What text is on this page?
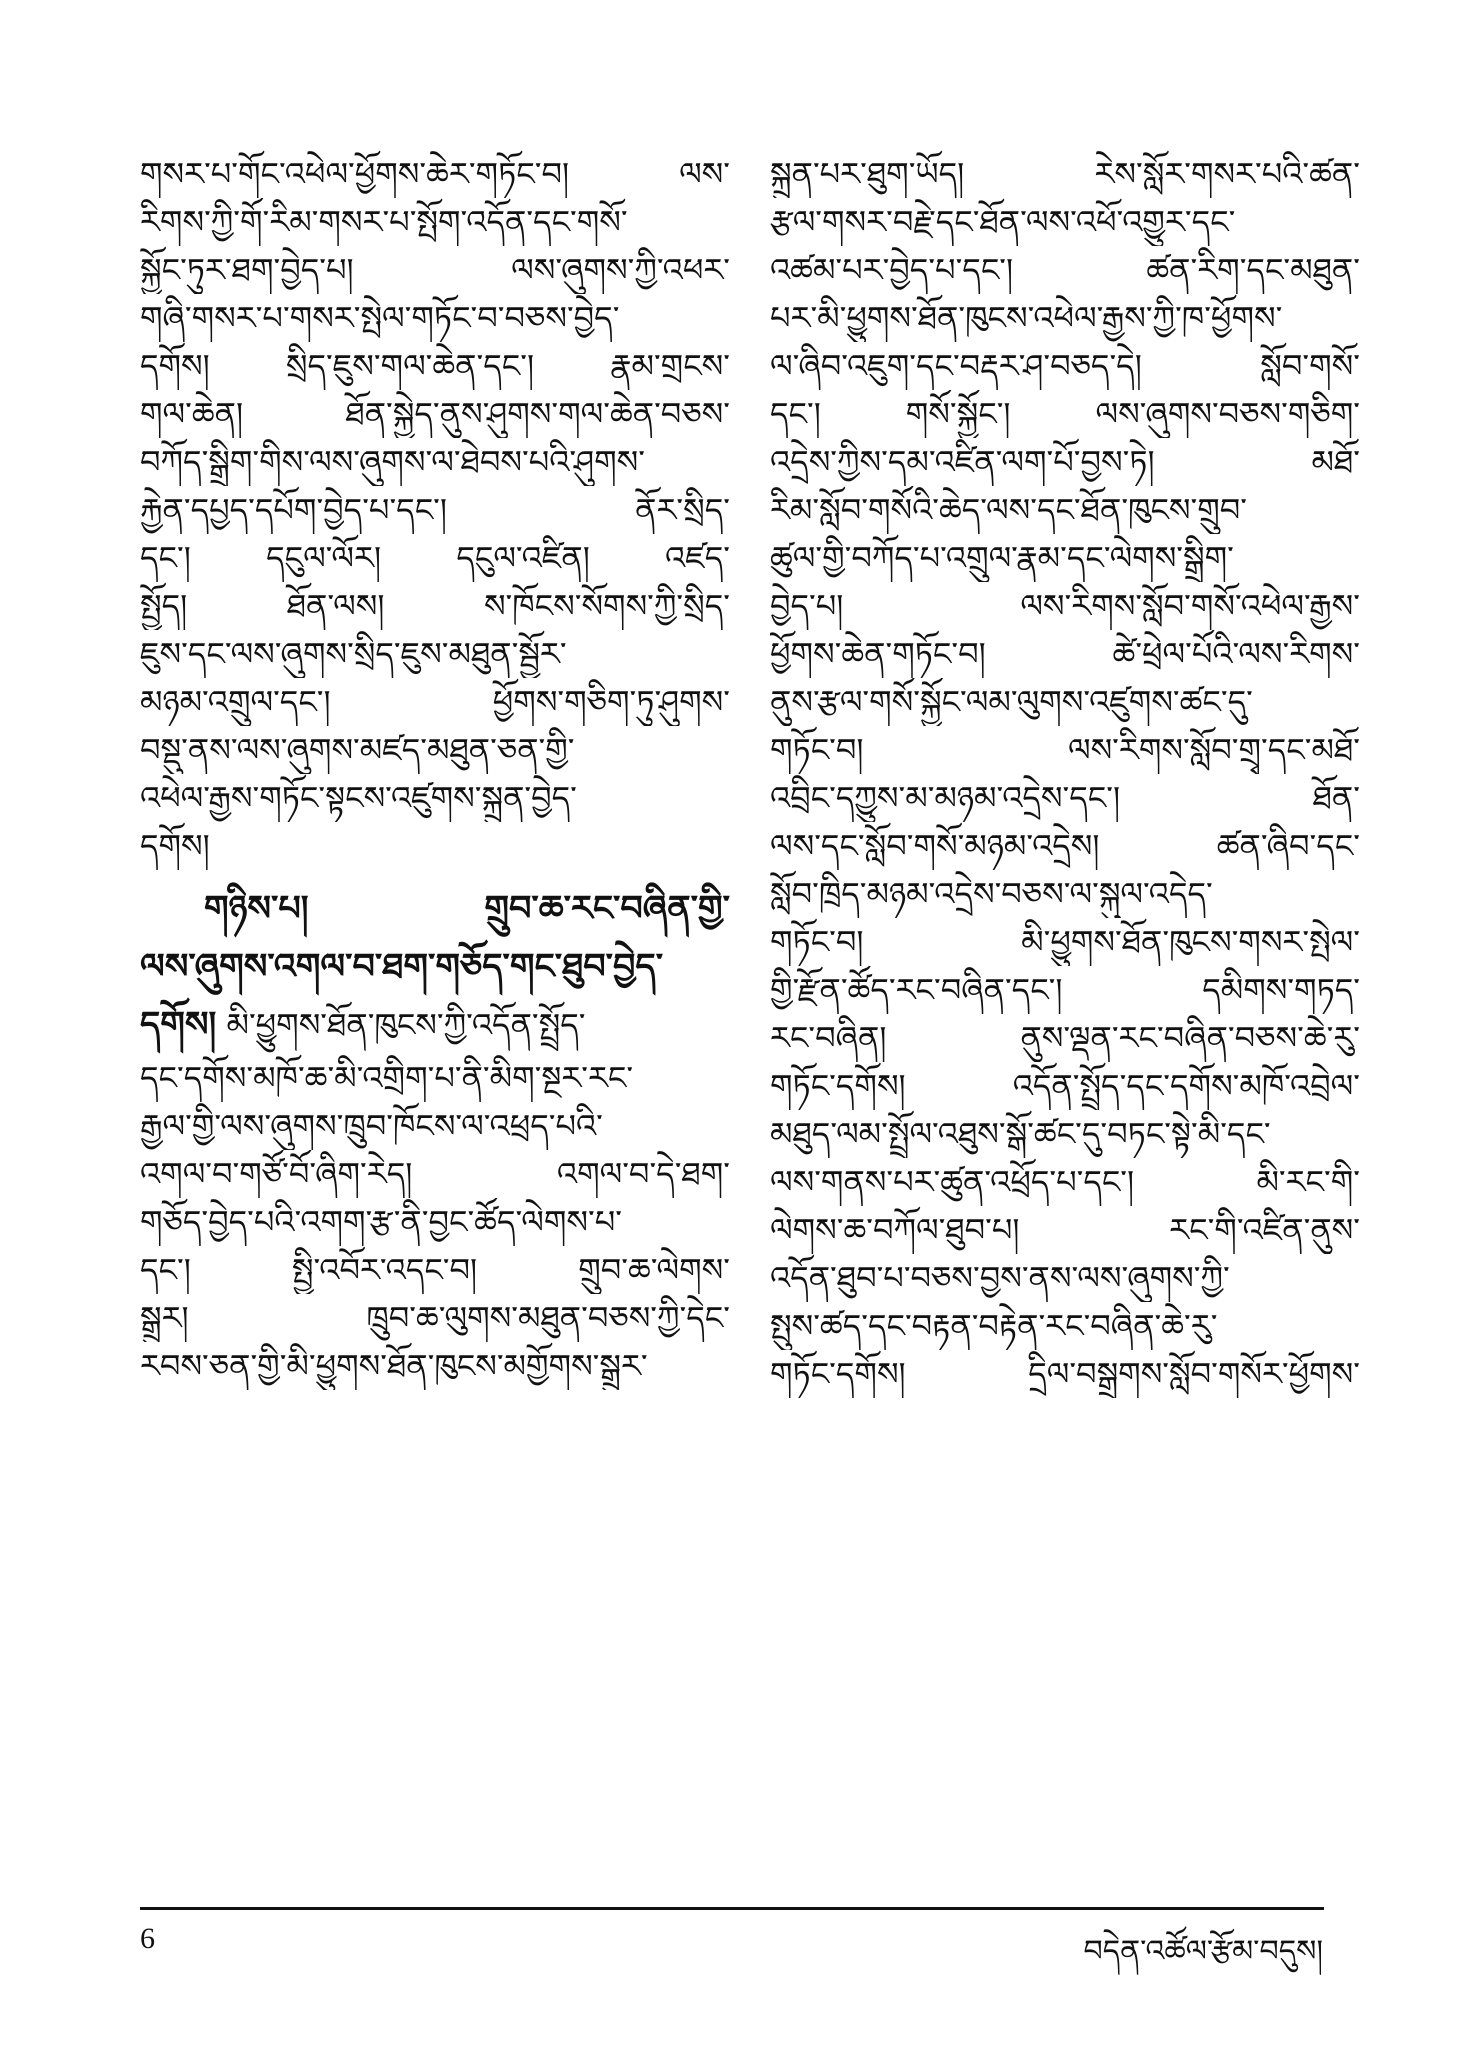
གསར་པ་གོང་འཕེལ་ཕྱོགས་ཆེར་གཏོང་བ། ལས་
རིགས་ཀྱི་གོ་རིམ་གསར་པ་སྤོག་འདོན་དང་གསོ་
སྐྱོང་ཏུར་ཐག་བྱེད་པ། ལས་ཞུགས་ཀྱི་འཕར་
གཞི་གསར་པ་གསར་སྤེལ་གཏོང་བ་བཅས་བྱེད་
དགོས། སྲིད་ཇུས་གལ་ཆེན་དང་། རྣམ་གྲངས་
གལ་ཆེན། ཐོན་སྐྱེད་ནུས་ཤུགས་གལ་ཆེན་བཅས་
བཀོད་སྒྲིག་གིས་ལས་ཞུགས་ལ་ཐེབས་པའི་ཤུགས་
རྐྱེན་དཔྱད་དཔོག་བྱེད་པ་དང་། ནོར་སྲིད་
དང་། དངུལ་ལོར། དངུལ་འཛིན། འཛད་
སྤྱོད། ཐོན་ལས། ས་ཁོངས་སོགས་ཀྱི་སྲིད་
ཇུས་དང་ལས་ཞུགས་སྲིད་ཇུས་མཐུན་སྦྱོར་
མཉམ་འགྲུལ་དང་། ཕྱོགས་གཅིག་ཏུ་ཤུགས་
བསྡུ་ནས་ལས་ཞུགས་མཛད་མཐུན་ཅན་གྱི་
འཕེལ་རྒྱས་གཏོང་སྟངས་འཛུགས་སྐྲུན་བྱེད་
དགོས།
གཉིས་པ། གྲུབ་ཆ་རང་བཞིན་གྱི་
ལས་ཞུགས་འགལ་བ་ཐག་གཅོད་གང་ཐུབ་བྱེད་
དགོས། མི་ཕྱུགས་ཐོན་ཁུངས་ཀྱི་འདོན་སྤྲོད་
དང་དགོས་མཁོ་ཆ་མི་འགྲིག་པ་ནི་མིག་སྔར་རང་
རྒྱལ་གྱི་ལས་ཞུགས་ཁྲུབ་ཁོངས་ལ་འཕྲད་པའི་
འགལ་བ་གཙོ་བོ་ཞིག་རེད། འགལ་བ་དེ་ཐག་
གཅོད་བྱེད་པའི་འགག་རྩ་ནི་བྱང་ཚོད་ལེགས་པ་
དང་། སྤྱི་འབོར་འདང་བ། གྲུབ་ཆ་ལེགས་
སྒྲུར། ཁྲུབ་ཆ་ལུགས་མཐུན་བཅས་ཀྱི་དེང་
རབས་ཅན་གྱི་མི་ཕྱུགས་ཐོན་ཁུངས་མགྱོགས་སྒྲུར་
སྐྲུན་པར་ཐུག་ཡོད། རེས་སློར་གསར་པའི་ཚན་
རྩལ་གསར་བརྗེ་དང་ཐོན་ལས་འཕོ་འགྱུར་དང་
འཚམ་པར་བྱེད་པ་དང་། ཚན་རིག་དང་མཐུན་
པར་མི་ཕྱུགས་ཐོན་ཁུངས་འཕེལ་རྒྱས་ཀྱི་ཁ་ཕྱོགས་
ལ་ཞིབ་འཇུག་དང་བརྡར་ཤ་བཅད་དེ། སློབ་གསོ་
དང་། གསོ་སྐྱོང་། ལས་ཞུགས་བཅས་གཅིག་
འདྲེས་ཀྱིས་དམ་འཛིན་ལག་པོ་བྱས་ཏེ། མཐོ་
རིམ་སློབ་གསོའི་ཆེད་ལས་དང་ཐོན་ཁུངས་གྲུབ་
ཚུལ་གྱི་བཀོད་པ་འགྲུལ་རྣམ་དང་ལེགས་སྒྲིག་
བྱེད་པ། ལས་རིགས་སློབ་གསོ་འཕེལ་རྒྱས་
ཕྱོགས་ཆེན་གཏོང་བ། ཚེ་ཕྲེལ་པོའི་ལས་རིགས་
ནུས་རྩལ་གསོ་སྐྱོང་ལམ་ལུགས་འཛུགས་ཚང་དུ་
གཏོང་བ། ལས་རིགས་སློབ་གྲྭ་དང་མཐོ་
འབྲིང་དཀྱུས་མ་མཉམ་འདྲེས་དང་། ཐོན་
ལས་དང་སློབ་གསོ་མཉམ་འདྲེས། ཚན་ཞིབ་དང་
སློབ་ཁྲིད་མཉམ་འདྲེས་བཅས་ལ་སྐུལ་འདེད་
གཏོང་བ། མི་ཕྱུགས་ཐོན་ཁུངས་གསར་སྤེལ་
གྱི་རྫོན་ཚོད་རང་བཞིན་དང་། དམིགས་གཏད་
རང་བཞིན། ནུས་ལྡན་རང་བཞིན་བཅས་ཆེ་རུ་
གཏོང་དགོས། འདོན་སྤྲོད་དང་དགོས་མཁོ་འབྲེལ་
མཐུད་ལམ་སྤྲོལ་འཐུས་སྒོ་ཚང་དུ་བཏང་སྟེ་མི་དང་
ལས་གནས་པར་ཚུན་འཕྲོད་པ་དང་། མི་རང་གི་
ལེགས་ཆ་བཀོལ་ཐུབ་པ། རང་གི་འཛིན་ནུས་
འདོན་ཐུབ་པ་བཅས་བྱས་ནས་ལས་ཞུགས་ཀྱི་
སྤུས་ཚད་དང་བརྟན་བརྟེན་རང་བཞིན་ཆེ་རུ་
གཏོང་དགོས། དྲིལ་བསྒྲགས་སློབ་གསོར་ཕྱོགས་
6	བདེན་འཚོལ་རྩོམ་བདུས།
